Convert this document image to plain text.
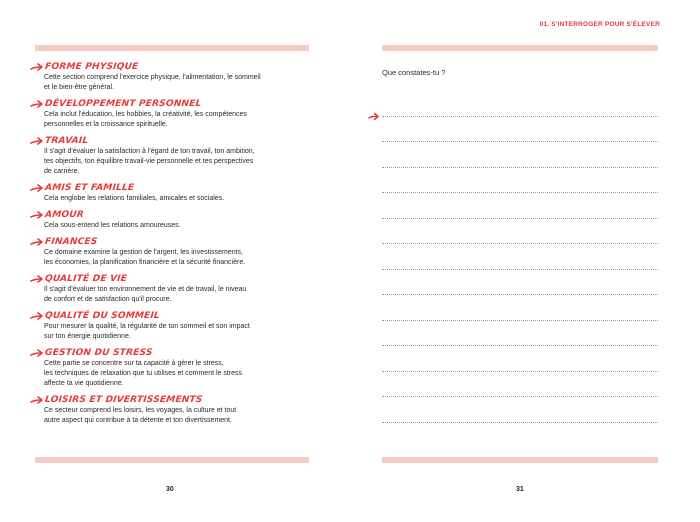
FORME PHYSIQUE
Cette section comprend l'exercice physique, l'alimentation, le sommeil
et le bien-être général.
DÉVELOPPEMENT PERSONNEL
Cela inclut l'éducation, les hobbies, la créativité, les compétences
personnelles et la croissance spirituelle.
TRAVAIL
Il s'agit d'évaluer la satisfaction à l'égard de ton travail, ton ambition,
tes objectifs, ton équilibre travail-vie personnelle et tes perspectives
de carrière.
AMIS ET FAMILLE
Cela englobe les relations familiales, amicales et sociales.
AMOUR
Cela sous-entend les relations amoureuses.
FINANCES
Ce domaine examine la gestion de l'argent, les investissements,
les économies, la planification financière et la sécurité financière.
QUALITÉ DE VIE
Il s'agit d'évaluer ton environnement de vie et de travail, le niveau
de confort et de satisfaction qu'il procure.
QUALITÉ DU SOMMEIL
Pour mesurer la qualité, la régularité de ton sommeil et son impact
sur ton énergie quotidienne.
GESTION DU STRESS
Cette partie se concentre sur ta capacité à gérer le stress,
les techniques de relaxation que tu utilises et comment le stress
affecte ta vie quotidienne.
LOISIRS ET DIVERTISSEMENTS
Ce secteur comprend les loisirs, les voyages, la culture et tout
autre aspect qui contribue à ta détente et ton divertissement.
30
01. S'INTERROGER POUR S'ÉLEVER
Que constates-tu ?
31
